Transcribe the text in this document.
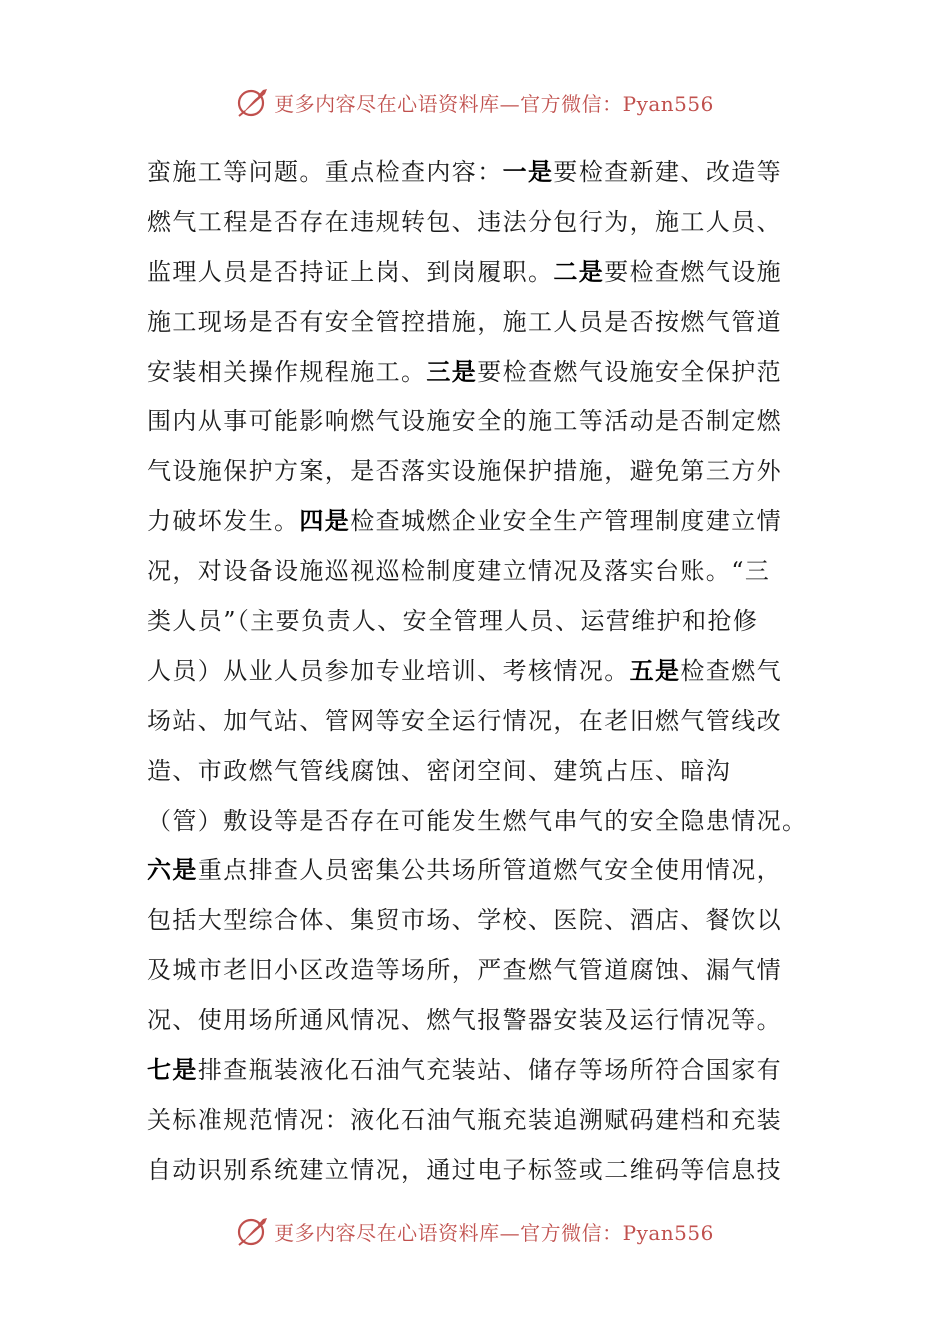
更多内容尽在心语资料库—官方微信：Pyan556
蛮施工等问题。重点检查内容：一是要检查新建、改造等
燃气工程是否存在违规转包、违法分包行为，施工人员、
监理人员是否持证上岗、到岗履职。二是要检查燃气设施
施工现场是否有安全管控措施，施工人员是否按燃气管道
安装相关操作规程施工。三是要检查燃气设施安全保护范
围内从事可能影响燃气设施安全的施工等活动是否制定燃
气设施保护方案，是否落实设施保护措施，避免第三方外
力破坏发生。四是检查城燃企业安全生产管理制度建立情
况，对设备设施巡视巡检制度建立情况及落实台账。“三
类人员”（主要负责人、安全管理人员、运营维护和抢修
人员）从业人员参加专业培训、考核情况。五是检查燃气
场站、加气站、管网等安全运行情况，在老旧燃气管线改
造、市政燃气管线腐蚀、密闭空间、建筑占压、暗沟
（管）敷设等是否存在可能发生燃气串气的安全隐患情况。
六是重点排查人员密集公共场所管道燃气安全使用情况，
包括大型综合体、集贸市场、学校、医院、酒店、餐饮以
及城市老旧小区改造等场所，严查燃气管道腐蚀、漏气情
况、使用场所通风情况、燃气报警器安装及运行情况等。
七是排查瓶装液化石油气充装站、储存等场所符合国家有
关标准规范情况：液化石油气瓶充装追溯赋码建档和充装
自动识别系统建立情况，通过电子标签或二维码等信息技
更多内容尽在心语资料库—官方微信：Pyan556
